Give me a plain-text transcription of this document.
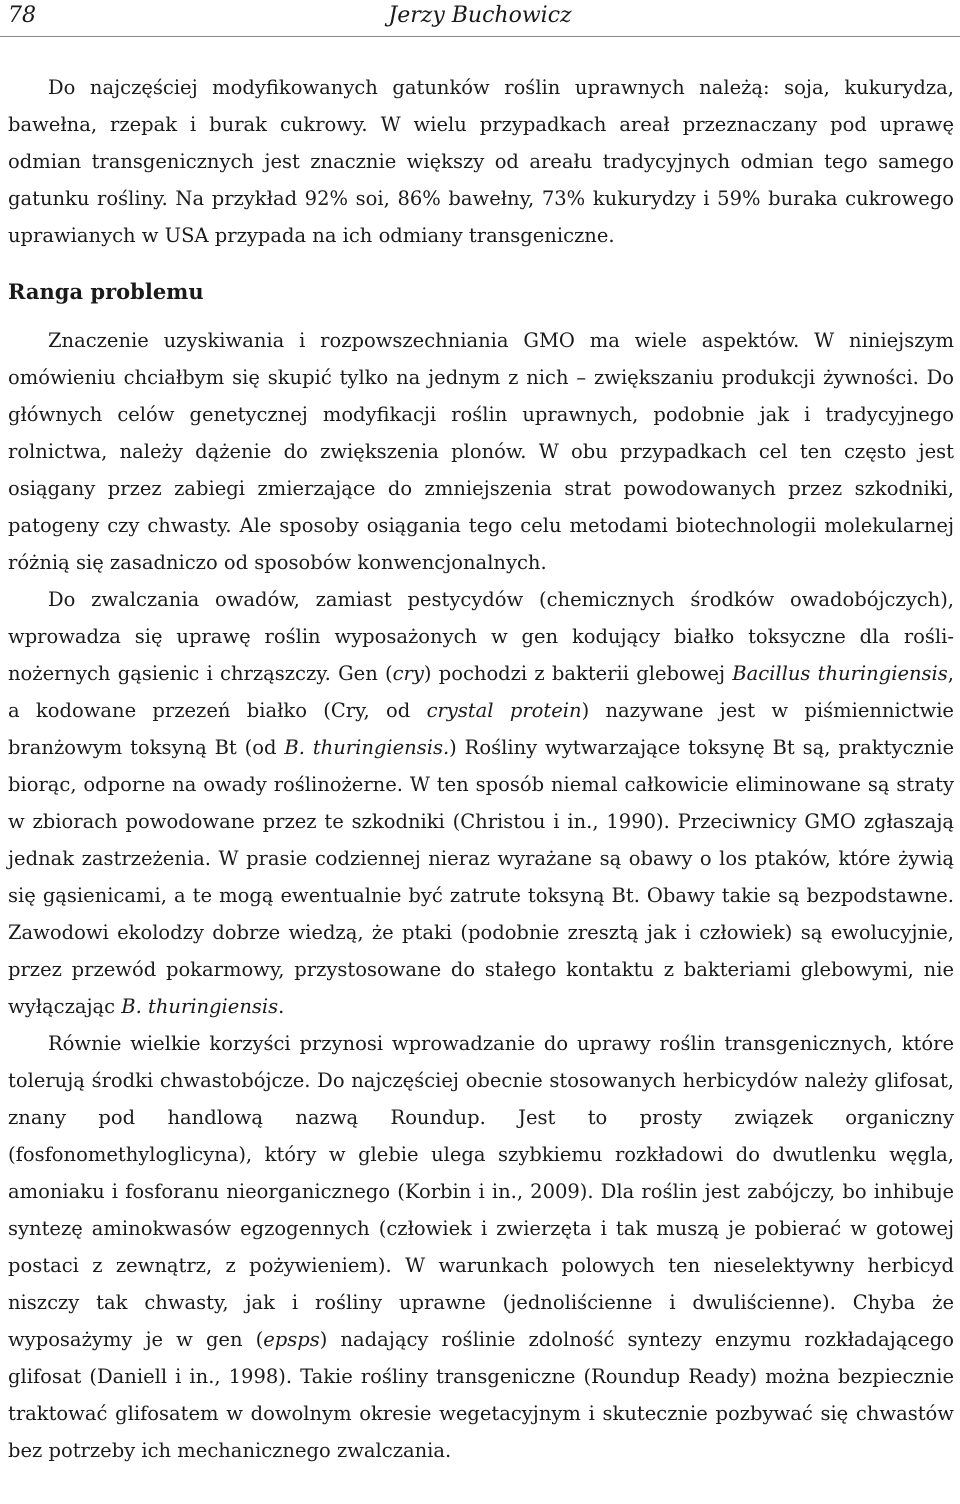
78	Jerzy Buchowicz

Do najczęściej modyfikowanych gatunków roślin uprawnych należą: soja, kukurydza, bawełna, rzepak i burak cukrowy. W wielu przypadkach areał przeznaczany pod uprawę odmian transgenicznych jest znacznie większy od areału tradycyjnych odmian tego samego gatunku rośliny. Na przykład 92% soi, 86% bawełny, 73% kukurydzy i 59% buraka cukrowego uprawianych w USA przypada na ich odmiany transgeniczne.

Ranga problemu

Znaczenie uzyskiwania i rozpowszechniania GMO ma wiele aspektów. W niniejszym omówieniu chciałbym się skupić tylko na jednym z nich – zwiększaniu produkcji żywności. Do głównych celów genetycznej modyfikacji roślin uprawnych, podobnie jak i tradycyjnego rolnictwa, należy dążenie do zwiększenia plonów. W obu przypadkach cel ten często jest osiągany przez zabiegi zmierzające do zmniejszenia strat powodowanych przez szkodniki, patogeny czy chwasty. Ale sposoby osiągania tego celu metodami biotechnologii molekularnej różnią się zasadniczo od sposobów konwencjonalnych.

Do zwalczania owadów, zamiast pestycydów (chemicznych środków owadobójczych), wprowadza się uprawę roślin wyposażonych w gen kodujący białko toksyczne dla roślinożernych gąsienic i chrząszczy. Gen (cry) pochodzi z bakterii glebowej Bacillus thuringiensis, a kodowane przezeń białko (Cry, od crystal protein) nazywane jest w piśmiennictwie branżowym toksyną Bt (od B. thuringiensis.) Rośliny wytwarzające toksynę Bt są, praktycznie biorąc, odporne na owady roślinożerne. W ten sposób niemal całkowicie eliminowane są straty w zbiorach powodowane przez te szkodniki (Christou i in., 1990). Przeciwnicy GMO zgłaszają jednak zastrzeżenia. W prasie codziennej nieraz wyrażane są obawy o los ptaków, które żywią się gąsienicami, a te mogą ewentualnie być zatrute toksyną Bt. Obawy takie są bezpodstawne. Zawodowi ekolodzy dobrze wiedzą, że ptaki (podobnie zresztą jak i człowiek) są ewolucyjnie, przez przewód pokarmowy, przystosowane do stałego kontaktu z bakteriami glebowymi, nie wyłączając B. thuringiensis.

Równie wielkie korzyści przynosi wprowadzanie do uprawy roślin transgenicznych, które tolerują środki chwastobójcze. Do najczęściej obecnie stosowanych herbicydów należy glifosat, znany pod handlową nazwą Roundup. Jest to prosty związek organiczny (fosfonomethyloglicyna), który w glebie ulega szybkiemu rozkładowi do dwutlenku węgla, amoniaku i fosforanu nieorganicznego (Korbin i in., 2009). Dla roślin jest zabójczy, bo inhibuje syntezę aminokwasów egzogennych (człowiek i zwierzęta i tak muszą je pobierać w gotowej postaci z zewnątrz, z pożywieniem). W warunkach polowych ten nieselektywny herbicyd niszczy tak chwasty, jak i rośliny uprawne (jednoliścienne i dwuliścienne). Chyba że wyposażymy je w gen (epsps) nadający roślinie zdolność syntezy enzymu rozkładającego glifosat (Daniell i in., 1998). Takie rośliny transgeniczne (Roundup Ready) można bezpiecznie traktować glifosatem w dowolnym okresie wegetacyjnym i skutecznie pozbywać się chwastów bez potrzeby ich mechanicznego zwalczania.
